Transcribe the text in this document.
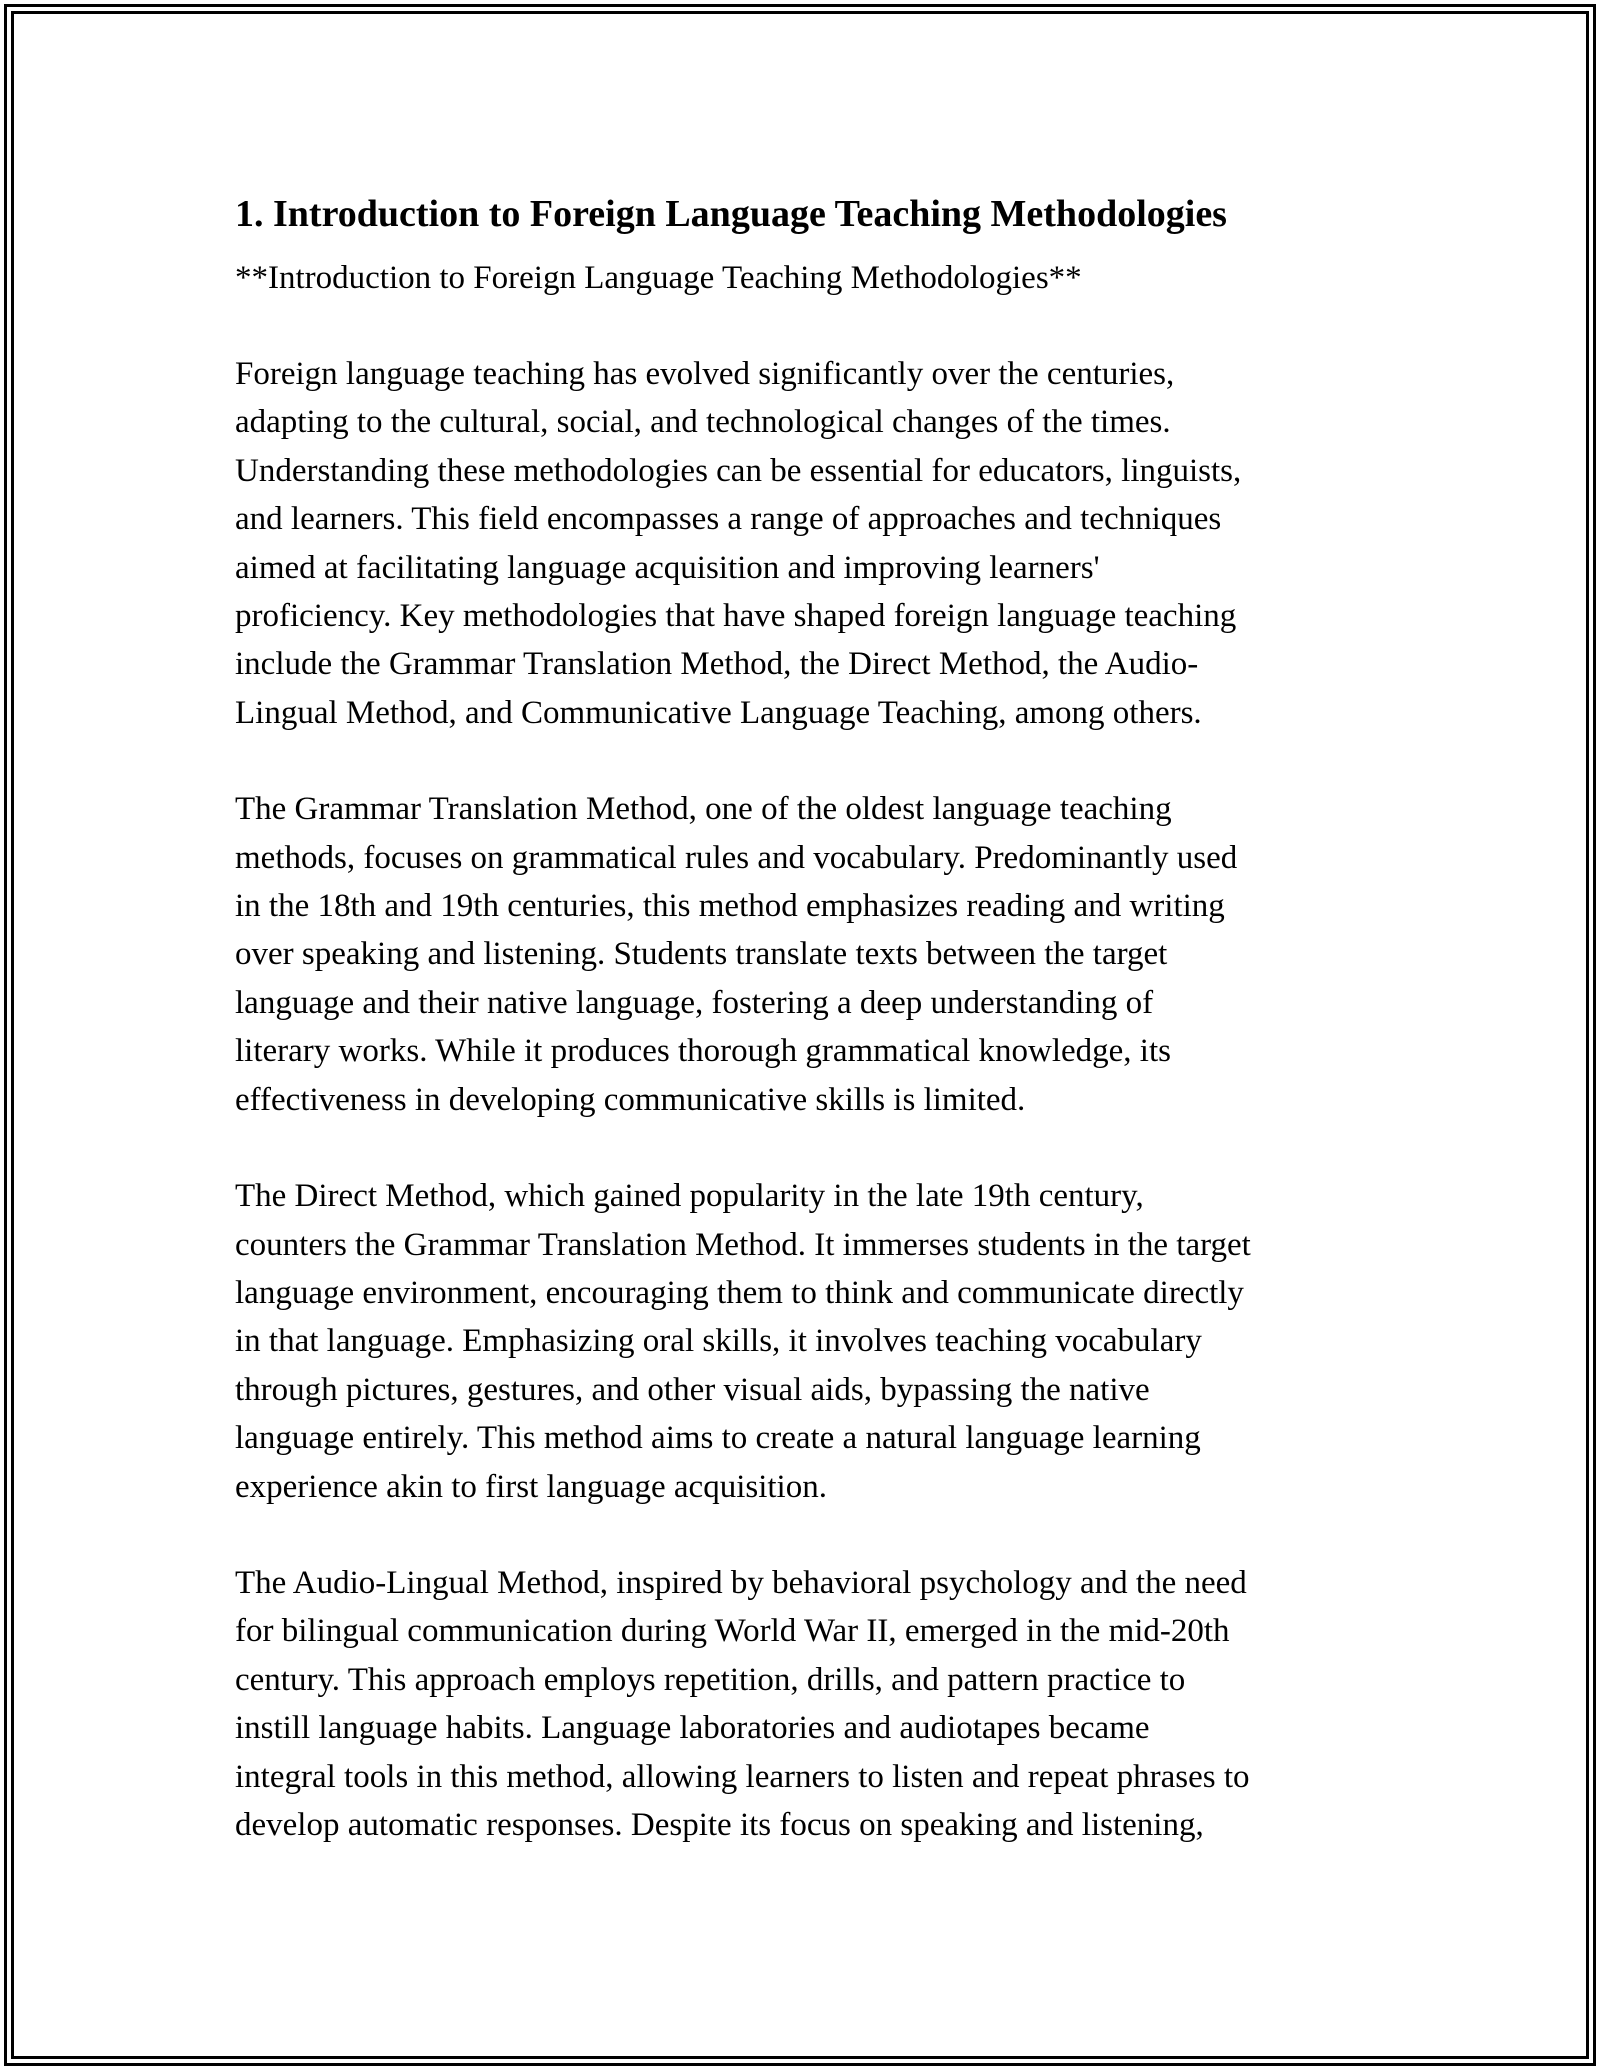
1. Introduction to Foreign Language Teaching Methodologies
**Introduction to Foreign Language Teaching Methodologies**
Foreign language teaching has evolved significantly over the centuries,
adapting to the cultural, social, and technological changes of the times.
Understanding these methodologies can be essential for educators, linguists,
and learners. This field encompasses a range of approaches and techniques
aimed at facilitating language acquisition and improving learners'
proficiency. Key methodologies that have shaped foreign language teaching
include the Grammar Translation Method, the Direct Method, the Audio-
Lingual Method, and Communicative Language Teaching, among others.
The Grammar Translation Method, one of the oldest language teaching
methods, focuses on grammatical rules and vocabulary. Predominantly used
in the 18th and 19th centuries, this method emphasizes reading and writing
over speaking and listening. Students translate texts between the target
language and their native language, fostering a deep understanding of
literary works. While it produces thorough grammatical knowledge, its
effectiveness in developing communicative skills is limited.
The Direct Method, which gained popularity in the late 19th century,
counters the Grammar Translation Method. It immerses students in the target
language environment, encouraging them to think and communicate directly
in that language. Emphasizing oral skills, it involves teaching vocabulary
through pictures, gestures, and other visual aids, bypassing the native
language entirely. This method aims to create a natural language learning
experience akin to first language acquisition.
The Audio-Lingual Method, inspired by behavioral psychology and the need
for bilingual communication during World War II, emerged in the mid-20th
century. This approach employs repetition, drills, and pattern practice to
instill language habits. Language laboratories and audiotapes became
integral tools in this method, allowing learners to listen and repeat phrases to
develop automatic responses. Despite its focus on speaking and listening,
